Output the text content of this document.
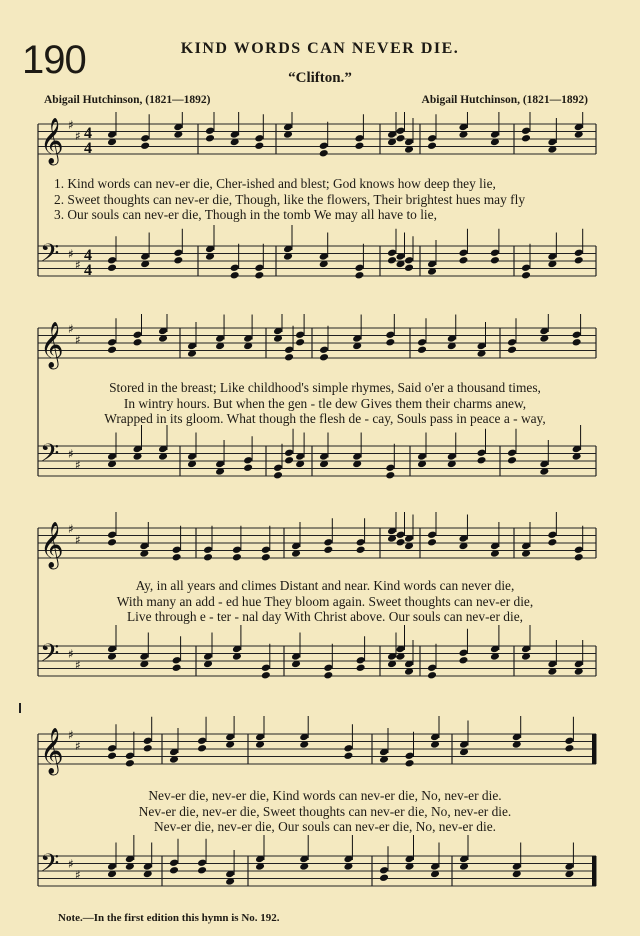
190	KIND WORDS CAN NEVER DIE.
“Clifton.”
Abigail Hutchinson, (1821—1892)	Abigail Hutchinson, (1821—1892)
𝄞 ♯
♯ 4
4
𝄢 ♯
♯
4
4
1. Kind words can nev-er die, Cher-ished and blest; God knows how deep they lie,
2. Sweet thoughts can nev-er die, Though, like the flowers, Their brightest hues may fly
3. Our souls can nev-er die, Though in the tomb We may all have to lie,
𝄞 ♯
♯
𝄢 ♯
♯
Stored in the breast; Like childhood's simple rhymes, Said o'er a thousand times,
In wintry hours. But when the gen - tle dew Gives them their charms anew,
Wrapped in its gloom. What though the flesh de - cay, Souls pass in peace a - way,
𝄞 ♯
♯
𝄢 ♯
♯
Ay, in all years and climes Distant and near. Kind words can never die,
With many an add - ed hue They bloom again. Sweet thoughts can nev-er die,
Live through e - ter - nal day With Christ above. Our souls can nev-er die,
𝄞 ♯
♯
𝄢 ♯
♯
Nev-er die, nev-er die, Kind words can nev-er die, No, nev-er die.
Nev-er die, nev-er die, Sweet thoughts can nev-er die, No, nev-er die.
Nev-er die, nev-er die, Our souls can nev-er die, No, nev-er die.
Note.—In the first edition this hymn is No. 192.
